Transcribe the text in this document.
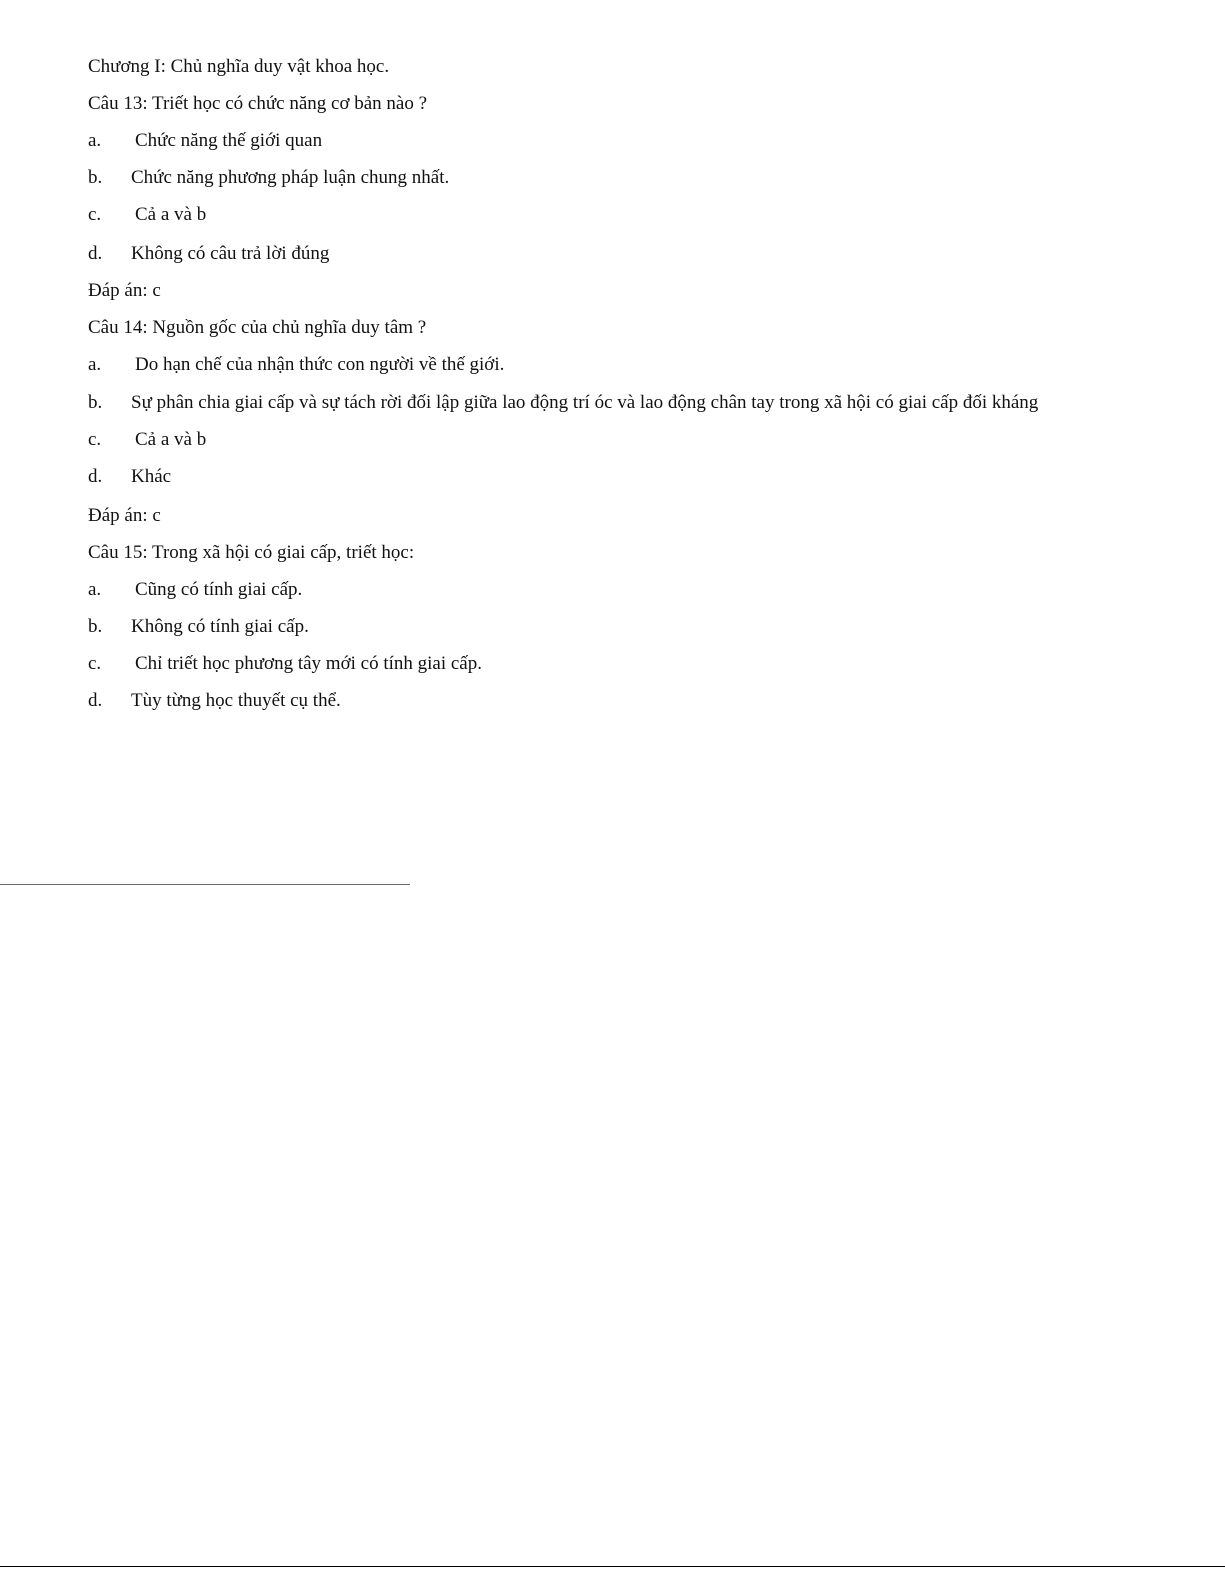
Chương I: Chủ nghĩa duy vật khoa học.
Câu 13: Triết học có chức năng cơ bản nào ?
a. Chức năng thế giới quan
b. Chức năng phương pháp luận chung nhất.
c. Cả a và b
d. Không có câu trả lời đúng
Đáp án: c
Câu 14: Nguồn gốc của chủ nghĩa duy tâm ?
a. Do hạn chế của nhận thức con người về thế giới.
b. Sự phân chia giai cấp và sự tách rời đối lập giữa lao động trí óc và lao động chân tay trong xã hội có giai cấp đối kháng
c. Cả a và b
d. Khác
Đáp án: c
Câu 15: Trong xã hội có giai cấp, triết học:
a. Cũng có tính giai cấp.
b. Không có tính giai cấp.
c. Chỉ triết học phương tây mới có tính giai cấp.
d. Tùy từng học thuyết cụ thể.
